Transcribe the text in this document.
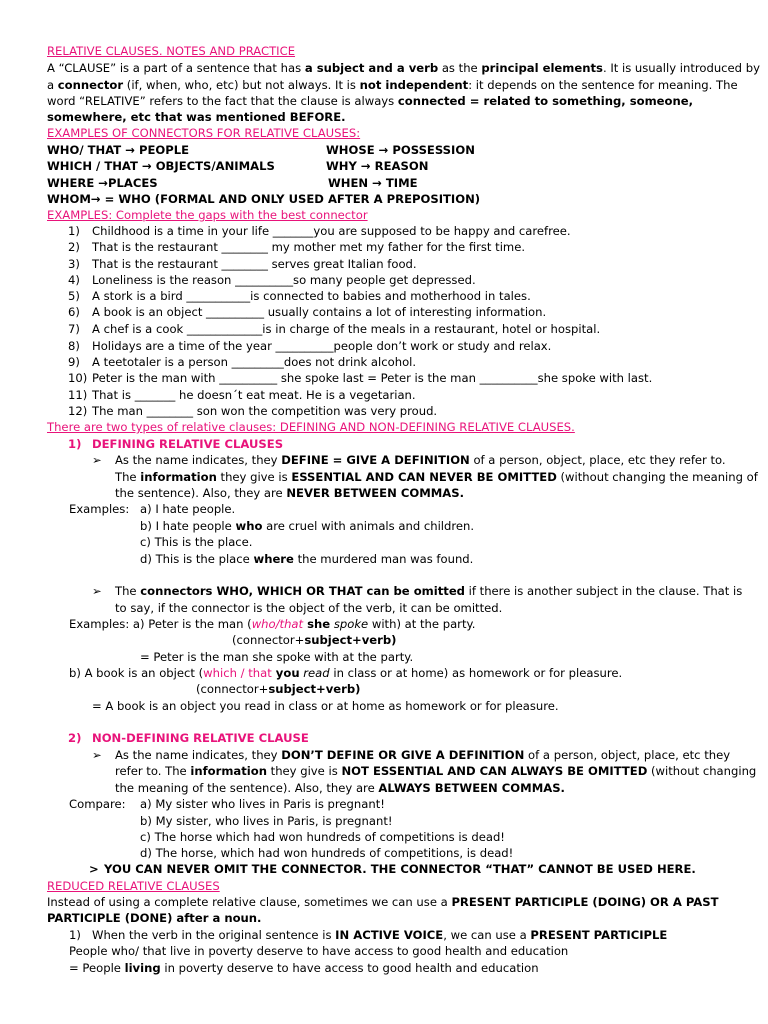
RELATIVE CLAUSES. NOTES AND PRACTICE
A “CLAUSE” is a part of a sentence that has a subject and a verb as the principal elements. It is usually introduced by
a connector (if, when, who, etc) but not always. It is not independent: it depends on the sentence for meaning. The
word “RELATIVE” refers to the fact that the clause is always connected = related to something, someone,
somewhere, etc that was mentioned BEFORE.
EXAMPLES OF CONNECTORS FOR RELATIVE CLAUSES:
WHO/ THAT → PEOPLE	WHOSE → POSSESSION
WHICH / THAT → OBJECTS/ANIMALS	WHY → REASON
WHERE →PLACES	WHEN → TIME
WHOM→ = WHO (FORMAL AND ONLY USED AFTER A PREPOSITION)
EXAMPLES: Complete the gaps with the best connector
1) Childhood is a time in your life _______you are supposed to be happy and carefree.
2) That is the restaurant ________ my mother met my father for the first time.
3) That is the restaurant ________ serves great Italian food.
4) Loneliness is the reason __________so many people get depressed.
5) A stork is a bird ___________is connected to babies and motherhood in tales.
6) A book is an object __________ usually contains a lot of interesting information.
7) A chef is a cook _____________is in charge of the meals in a restaurant, hotel or hospital.
8) Holidays are a time of the year __________people don’t work or study and relax.
9) A teetotaler is a person _________does not drink alcohol.
10) Peter is the man with __________ she spoke last = Peter is the man __________she spoke with last.
11) That is _______ he doesn´t eat meat. He is a vegetarian.
12) The man ________ son won the competition was very proud.
There are two types of relative clauses: DEFINING AND NON-DEFINING RELATIVE CLAUSES.
1) DEFINING RELATIVE CLAUSES
➢ As the name indicates, they DEFINE = GIVE A DEFINITION of a person, object, place, etc they refer to.
The information they give is ESSENTIAL AND CAN NEVER BE OMITTED (without changing the meaning of
the sentence). Also, they are NEVER BETWEEN COMMAS.
Examples: a) I hate people.
b) I hate people who are cruel with animals and children.
c) This is the place.
d) This is the place where the murdered man was found.
➢ The connectors WHO, WHICH OR THAT can be omitted if there is another subject in the clause. That is
to say, if the connector is the object of the verb, it can be omitted.
Examples: a) Peter is the man (who/that she spoke with) at the party.
(connector+subject+verb)
= Peter is the man she spoke with at the party.
b) A book is an object (which / that you read in class or at home) as homework or for pleasure.
(connector+subject+verb)
= A book is an object you read in class or at home as homework or for pleasure.
2) NON-DEFINING RELATIVE CLAUSE
➢ As the name indicates, they DON’T DEFINE OR GIVE A DEFINITION of a person, object, place, etc they
refer to. The information they give is NOT ESSENTIAL AND CAN ALWAYS BE OMITTED (without changing
the meaning of the sentence). Also, they are ALWAYS BETWEEN COMMAS.
Compare: a) My sister who lives in Paris is pregnant!
b) My sister, who lives in Paris, is pregnant!
c) The horse which had won hundreds of competitions is dead!
d) The horse, which had won hundreds of competitions, is dead!
> YOU CAN NEVER OMIT THE CONNECTOR. THE CONNECTOR “THAT” CANNOT BE USED HERE.
REDUCED RELATIVE CLAUSES
Instead of using a complete relative clause, sometimes we can use a PRESENT PARTICIPLE (DOING) OR A PAST
PARTICIPLE (DONE) after a noun.
1) When the verb in the original sentence is IN ACTIVE VOICE, we can use a PRESENT PARTICIPLE
People who/ that live in poverty deserve to have access to good health and education
= People living in poverty deserve to have access to good health and education
